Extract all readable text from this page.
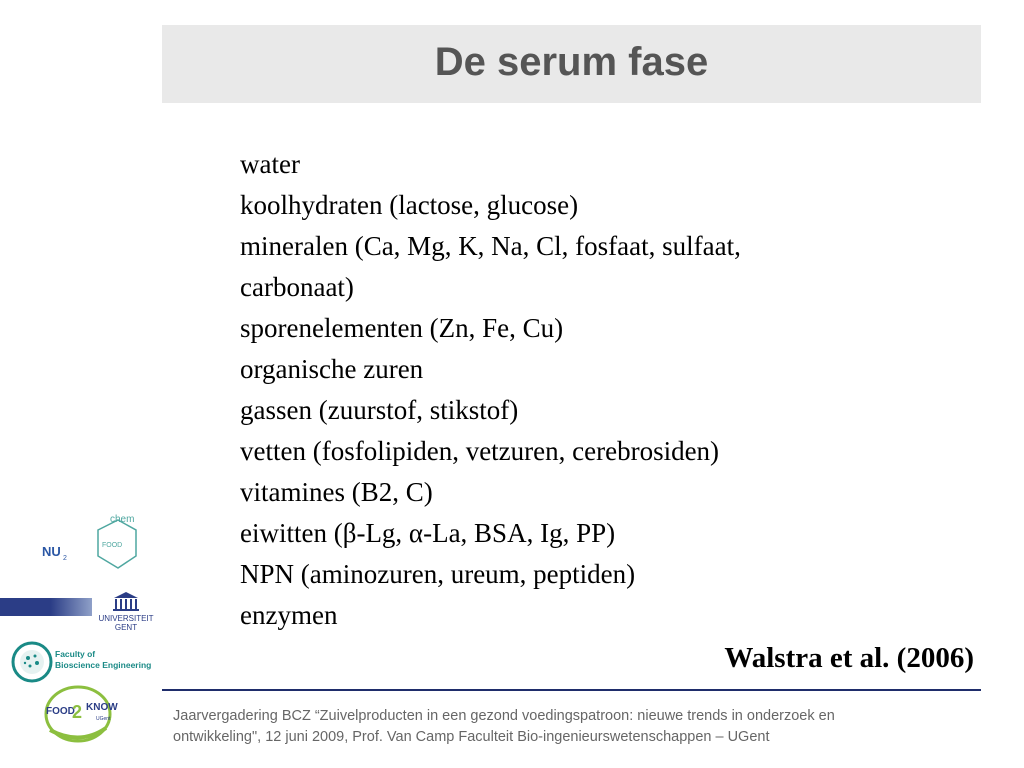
De serum fase
water
koolhydraten (lactose, glucose)
mineralen (Ca, Mg, K, Na, Cl, fosfaat, sulfaat,
carbonaat)
sporenelementen (Zn, Fe, Cu)
organische zuren
gassen (zuurstof, stikstof)
vetten (fosfolipiden, vetzuren, cerebrosiden)
vitamines (B2, C)
eiwitten (β-Lg, α-La, BSA, Ig, PP)
NPN (aminozuren, ureum, peptiden)
enzymen
Walstra et al. (2006)
Jaarvergadering BCZ “Zuivelproducten in een gezond voedingspatroon: nieuwe trends in onderzoek en
ontwikkeling", 12 juni 2009, Prof. Van Camp Faculteit Bio-ingenieurswetenschappen – UGent
NU 2
FOOD
chem
UNIVERSITEIT
GENT
Faculty of
Bioscience Engineering
FOOD
2 KNOW
UGent
